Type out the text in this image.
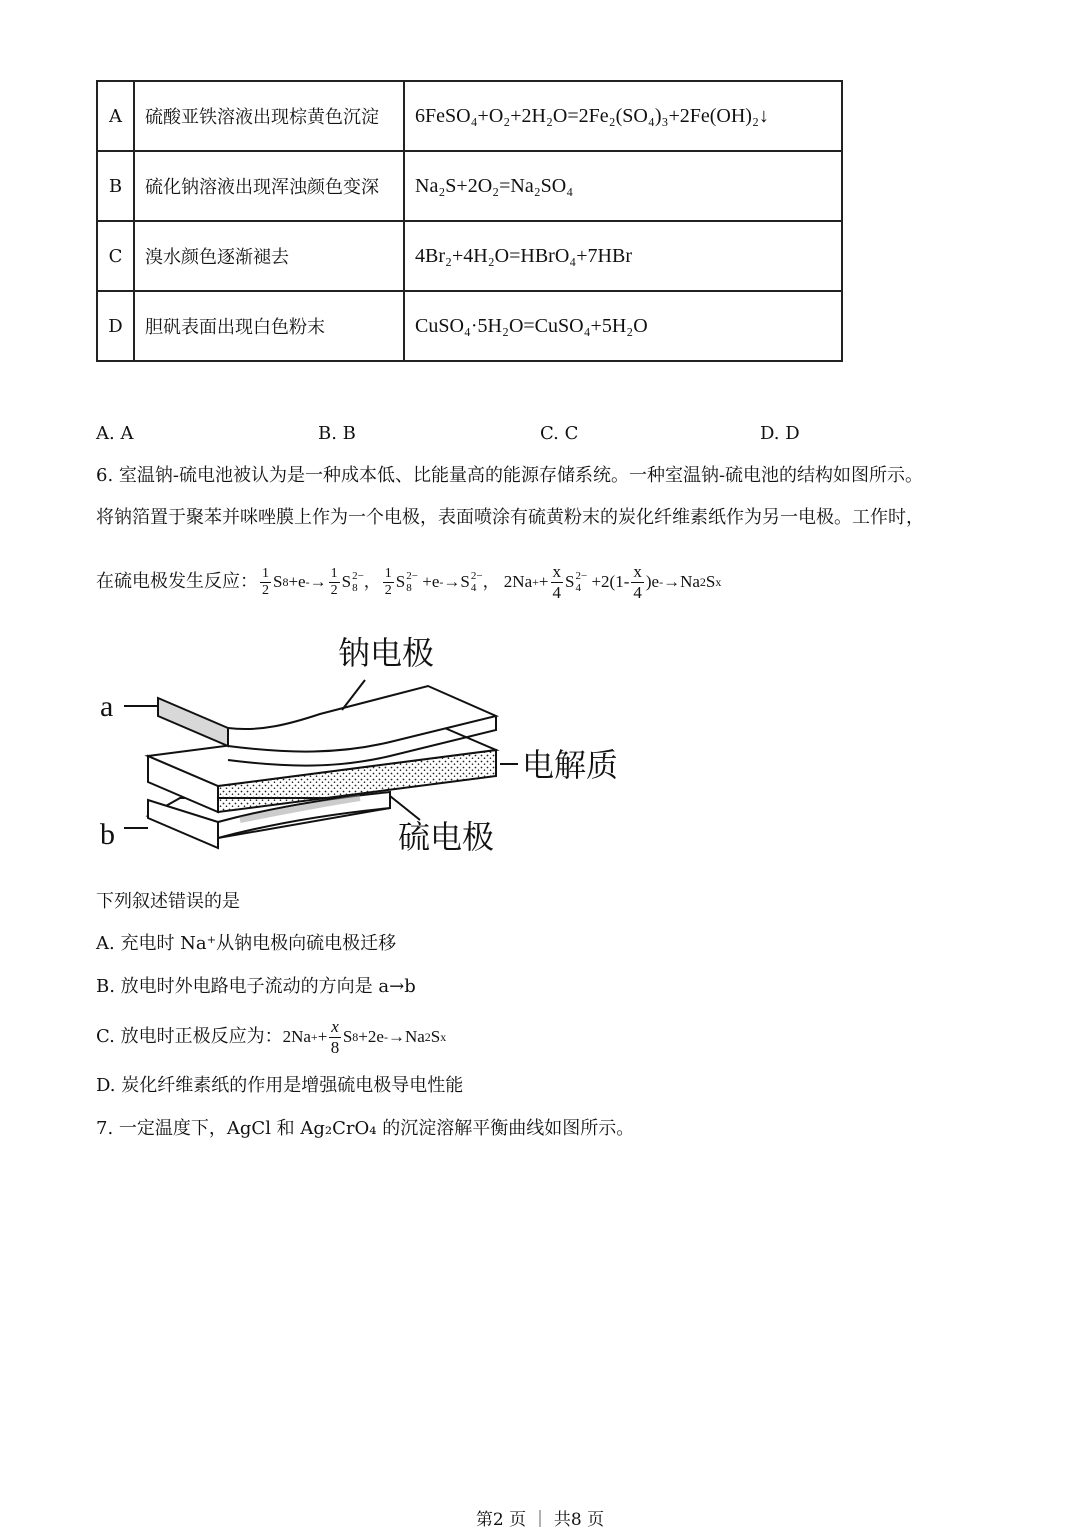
A	硫酸亚铁溶液出现棕黄色沉淀	6FeSO₄+O₂+2H₂O=2Fe₂(SO₄)₃+2Fe(OH)₂↓
B	硫化钠溶液出现浑浊颜色变深	Na₂S+2O₂=Na₂SO₄
C	溴水颜色逐渐褪去	4Br₂+4H₂O=HBrO₄+7HBr
D	胆矾表面出现白色粉末	CuSO₄·5H₂O=CuSO₄+5H₂O
A. A	B. B	C. C	D. D
6. 室温钠-硫电池被认为是一种成本低、比能量高的能源存储系统。一种室温钠-硫电池的结构如图所示。
将钠箔置于聚苯并咪唑膜上作为一个电极，表面喷涂有硫黄粉末的炭化纤维素纸作为另一电极。工作时，
在硫电极发生反应： $\frac{1}{2}$ S 8 +e - → $\frac{1}{2}$ S 2−
8 ， $\frac{1}{2}$ S 2−
8 +e - →S 2−
4 ， 2Na + + $\frac{x}{4}$ S 2−
$4 +2(1- \frac{x}{4} )e - \to Na$ 2 S x
钠电极
电解质
硫电极
a
b
下列叙述错误的是
A. 充电时 Na⁺从钠电极向硫电极迁移
B. 放电时外电路电子流动的方向是 a→b
C. 放电时正极反应为： 2Na + + $\frac{x}{8}$ S 8 +2e - →Na 2 S x
D. 炭化纤维素纸的作用是增强硫电极导电性能
7. 一定温度下，AgCl 和 Ag₂CrO₄ 的沉淀溶解平衡曲线如图所示。
第2 页 ｜ 共8 页
